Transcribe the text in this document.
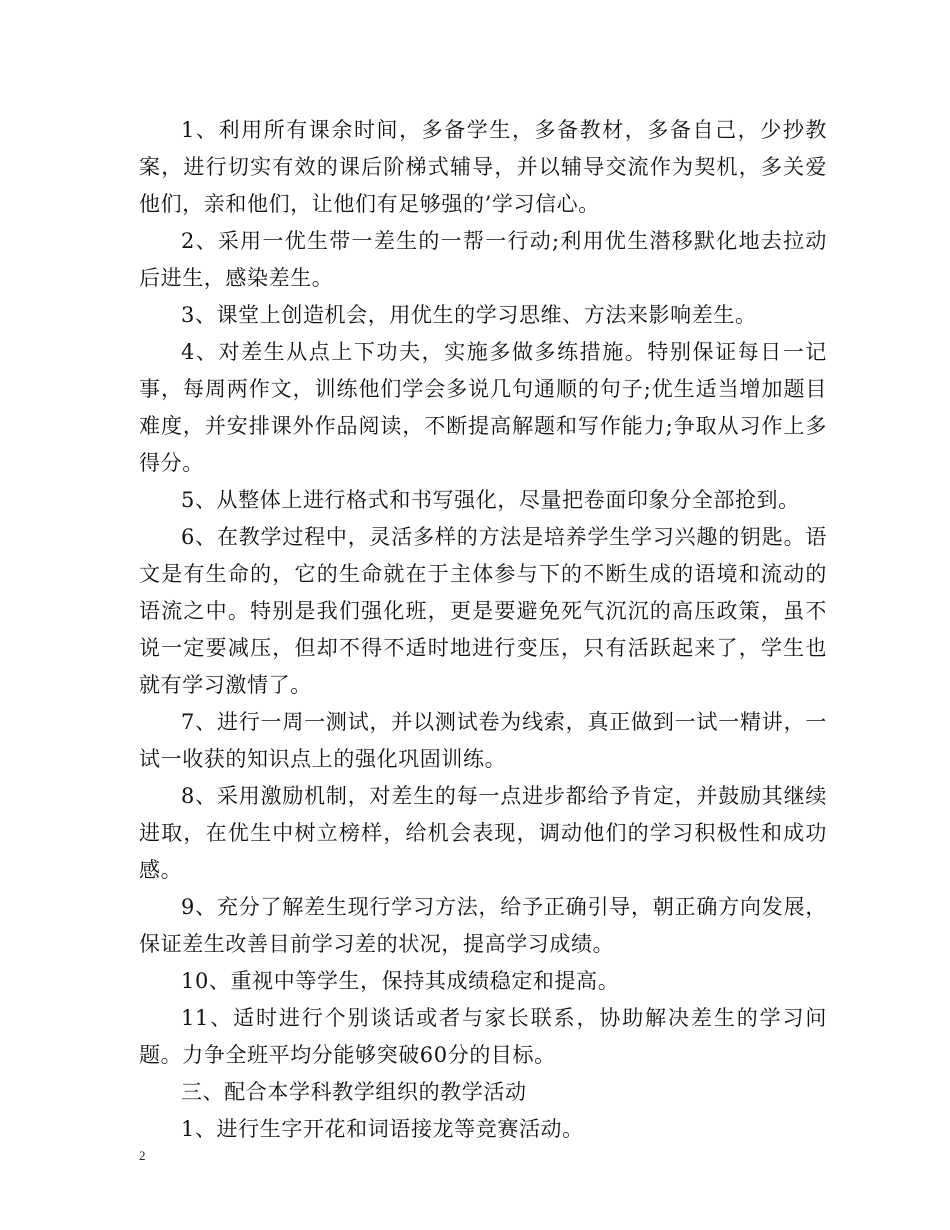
1、利用所有课余时间，多备学生，多备教材，多备自己，少抄教案，进行切实有效的课后阶梯式辅导，并以辅导交流作为契机，多关爱他们，亲和他们，让他们有足够强的’学习信心。

2、采用一优生带一差生的一帮一行动;利用优生潜移默化地去拉动后进生，感染差生。

3、课堂上创造机会，用优生的学习思维、方法来影响差生。

4、对差生从点上下功夫，实施多做多练措施。特别保证每日一记事，每周两作文，训练他们学会多说几句通顺的句子;优生适当增加题目难度，并安排课外作品阅读，不断提高解题和写作能力;争取从习作上多得分。

5、从整体上进行格式和书写强化，尽量把卷面印象分全部抢到。

6、在教学过程中，灵活多样的方法是培养学生学习兴趣的钥匙。语文是有生命的，它的生命就在于主体参与下的不断生成的语境和流动的语流之中。特别是我们强化班，更是要避免死气沉沉的高压政策，虽不说一定要减压，但却不得不适时地进行变压，只有活跃起来了，学生也就有学习激情了。

7、进行一周一测试，并以测试卷为线索，真正做到一试一精讲，一试一收获的知识点上的强化巩固训练。

8、采用激励机制，对差生的每一点进步都给予肯定，并鼓励其继续进取，在优生中树立榜样，给机会表现，调动他们的学习积极性和成功感。

9、充分了解差生现行学习方法，给予正确引导，朝正确方向发展，保证差生改善目前学习差的状况，提高学习成绩。

10、重视中等学生，保持其成绩稳定和提高。

11、适时进行个别谈话或者与家长联系，协助解决差生的学习问题。力争全班平均分能够突破60分的目标。

三、配合本学科教学组织的教学活动

1、进行生字开花和词语接龙等竞赛活动。

2
